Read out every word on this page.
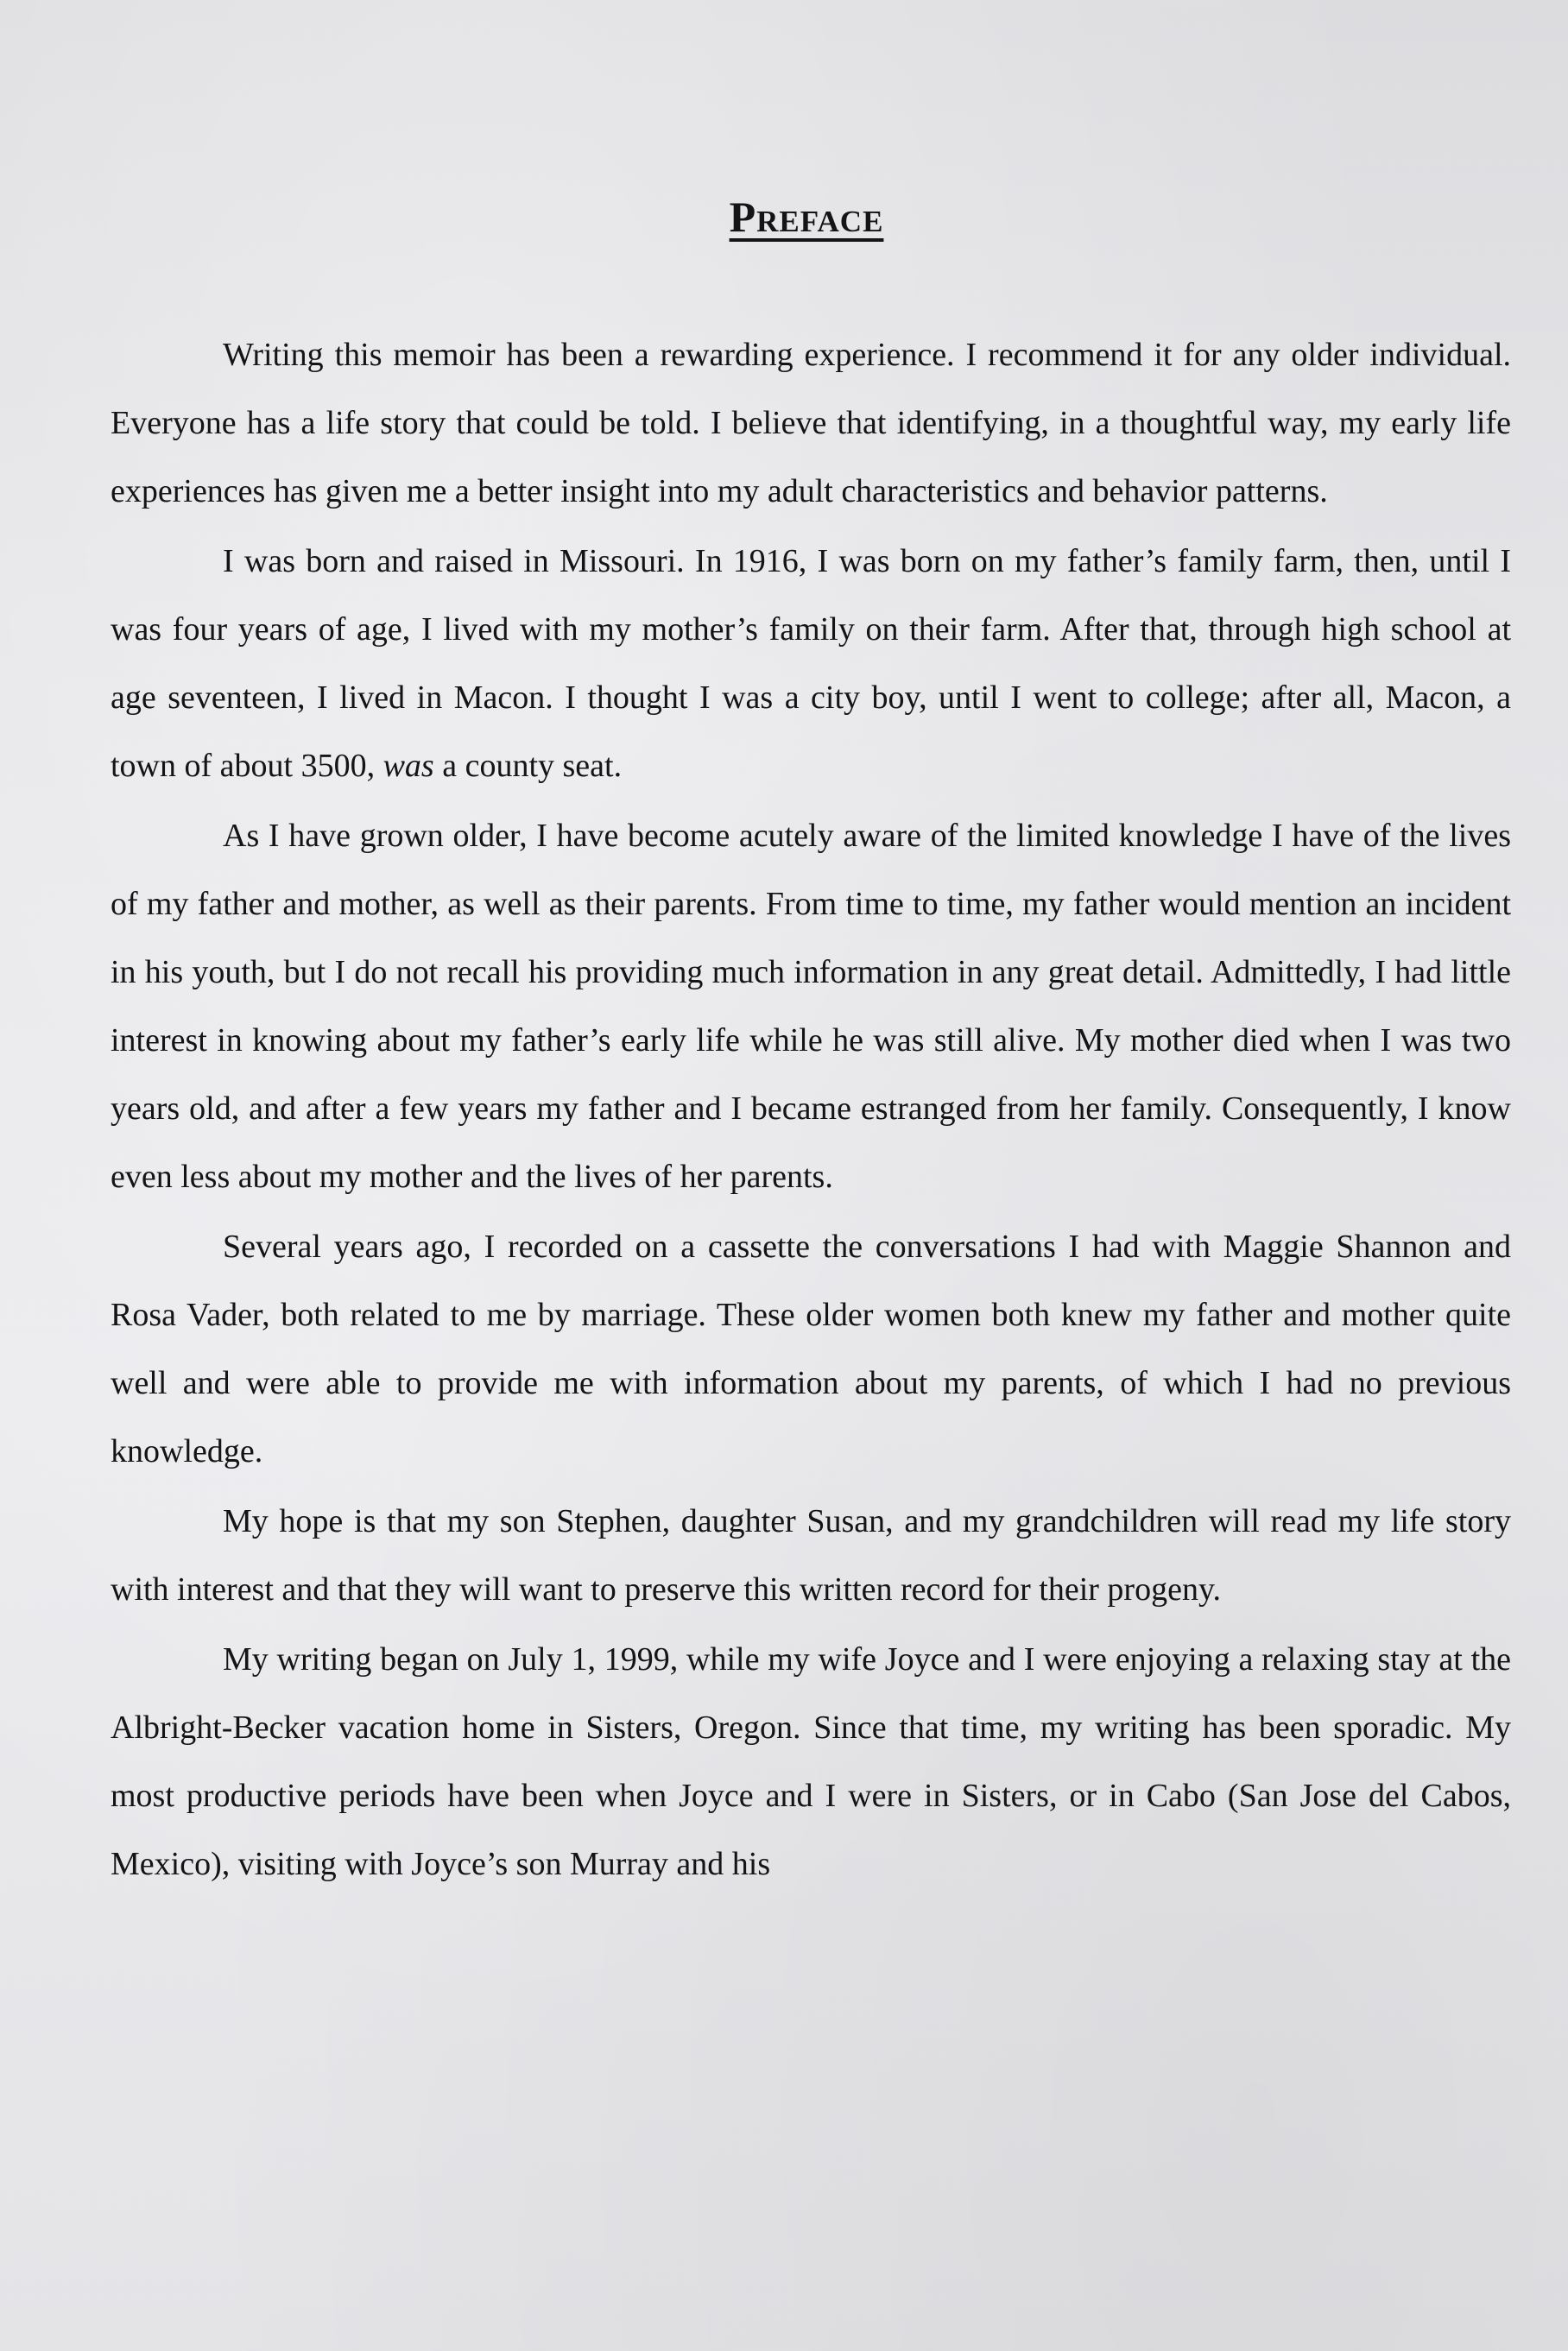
Preface

Writing this memoir has been a rewarding experience. I recommend it for any older individual. Everyone has a life story that could be told. I believe that identifying, in a thoughtful way, my early life experiences has given me a better insight into my adult characteristics and behavior patterns.

I was born and raised in Missouri. In 1916, I was born on my father’s family farm, then, until I was four years of age, I lived with my mother’s family on their farm. After that, through high school at age seventeen, I lived in Macon. I thought I was a city boy, until I went to college; after all, Macon, a town of about 3500, was a county seat.

As I have grown older, I have become acutely aware of the limited knowledge I have of the lives of my father and mother, as well as their parents. From time to time, my father would mention an incident in his youth, but I do not recall his providing much information in any great detail. Admittedly, I had little interest in knowing about my father’s early life while he was still alive. My mother died when I was two years old, and after a few years my father and I became estranged from her family. Consequently, I know even less about my mother and the lives of her parents.

Several years ago, I recorded on a cassette the conversations I had with Maggie Shannon and Rosa Vader, both related to me by marriage. These older women both knew my father and mother quite well and were able to provide me with information about my parents, of which I had no previous knowledge.

My hope is that my son Stephen, daughter Susan, and my grandchildren will read my life story with interest and that they will want to preserve this written record for their progeny.

My writing began on July 1, 1999, while my wife Joyce and I were enjoying a relaxing stay at the Albright-Becker vacation home in Sisters, Oregon. Since that time, my writing has been sporadic. My most productive periods have been when Joyce and I were in Sisters, or in Cabo (San Jose del Cabos, Mexico), visiting with Joyce’s son Murray and his
